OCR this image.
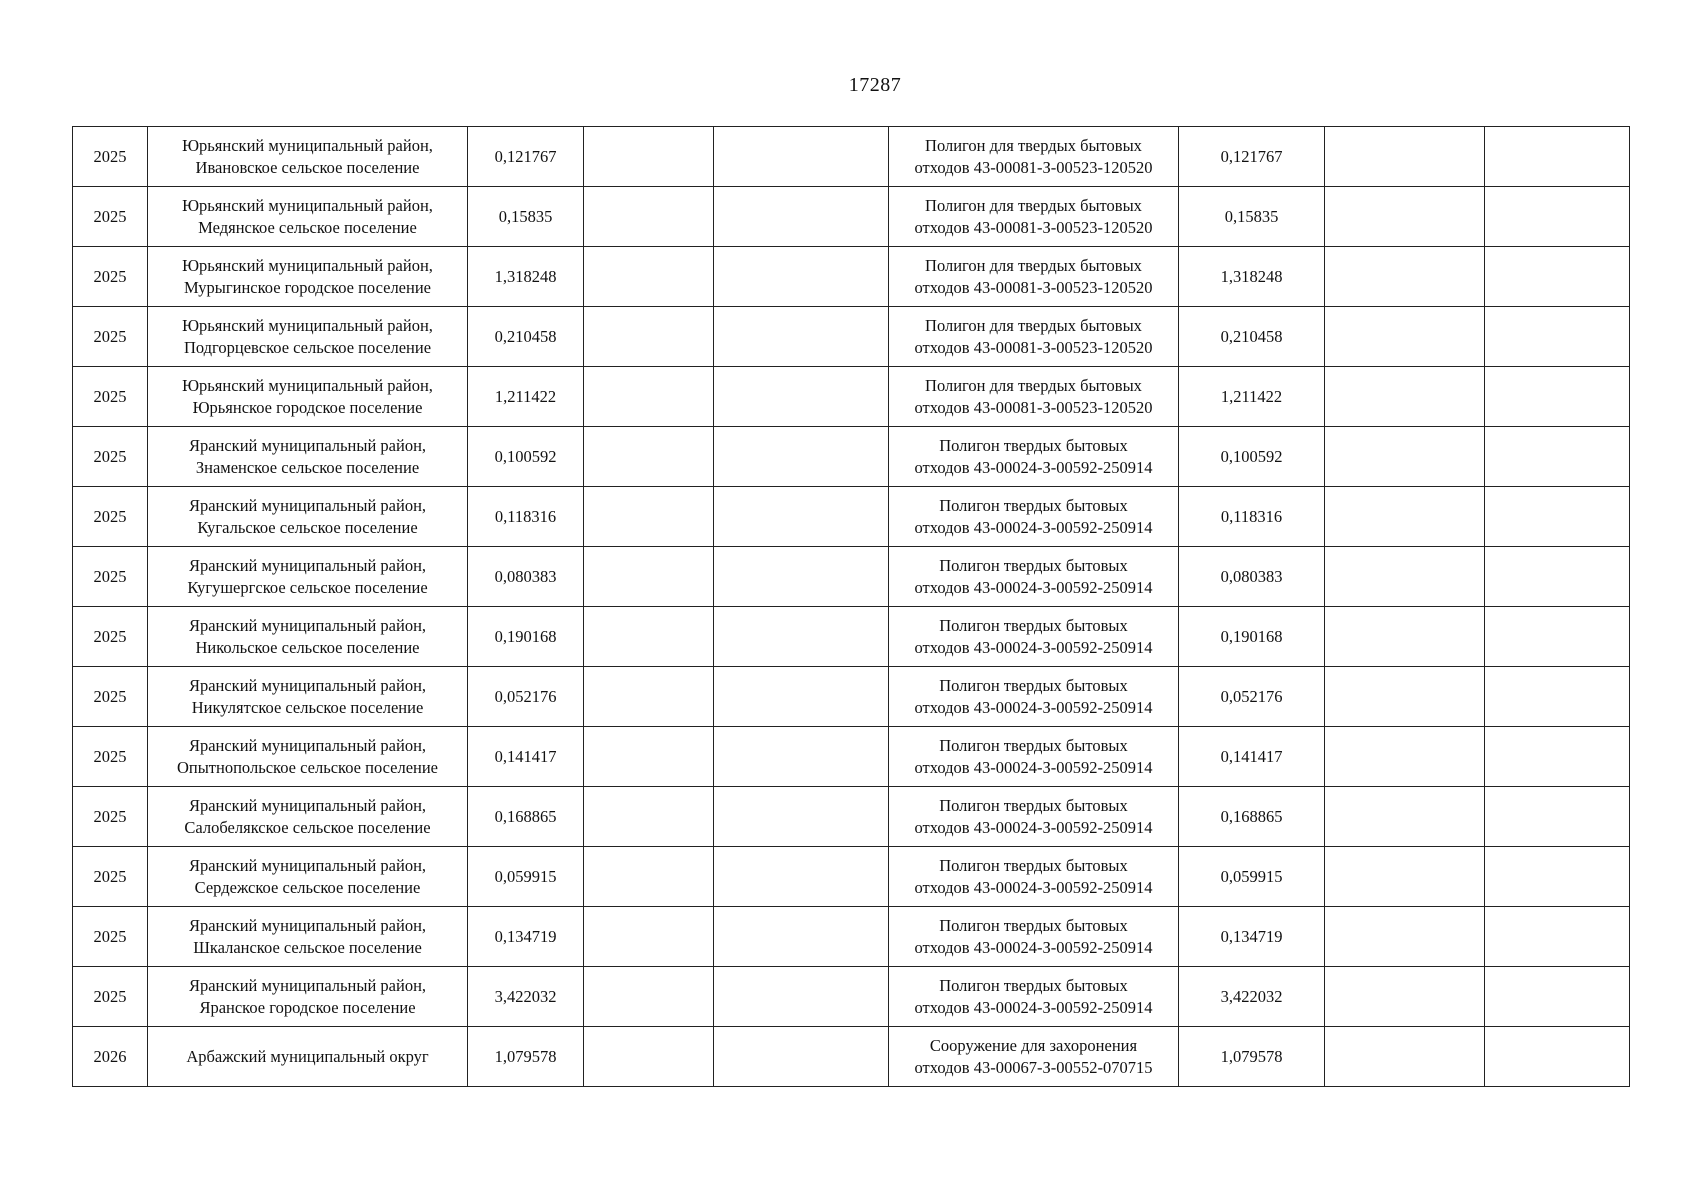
17287
2025	Юрьянский муниципальный район,
Ивановское сельское поселение	0,121767			Полигон для твердых бытовых
отходов 43-00081-З-00523-120520	0,121767		
2025	Юрьянский муниципальный район,
Медянское сельское поселение	0,15835			Полигон для твердых бытовых
отходов 43-00081-З-00523-120520	0,15835		
2025	Юрьянский муниципальный район,
Мурыгинское городское поселение	1,318248			Полигон для твердых бытовых
отходов 43-00081-З-00523-120520	1,318248		
2025	Юрьянский муниципальный район,
Подгорцевское сельское поселение	0,210458			Полигон для твердых бытовых
отходов 43-00081-З-00523-120520	0,210458		
2025	Юрьянский муниципальный район,
Юрьянское городское поселение	1,211422			Полигон для твердых бытовых
отходов 43-00081-З-00523-120520	1,211422		
2025	Яранский муниципальный район,
Знаменское сельское поселение	0,100592			Полигон твердых бытовых
отходов 43-00024-З-00592-250914	0,100592		
2025	Яранский муниципальный район,
Кугальское сельское поселение	0,118316			Полигон твердых бытовых
отходов 43-00024-З-00592-250914	0,118316		
2025	Яранский муниципальный район,
Кугушергское сельское поселение	0,080383			Полигон твердых бытовых
отходов 43-00024-З-00592-250914	0,080383		
2025	Яранский муниципальный район,
Никольское сельское поселение	0,190168			Полигон твердых бытовых
отходов 43-00024-З-00592-250914	0,190168		
2025	Яранский муниципальный район,
Никулятское сельское поселение	0,052176			Полигон твердых бытовых
отходов 43-00024-З-00592-250914	0,052176		
2025	Яранский муниципальный район,
Опытнопольское сельское поселение	0,141417			Полигон твердых бытовых
отходов 43-00024-З-00592-250914	0,141417		
2025	Яранский муниципальный район,
Салобелякское сельское поселение	0,168865			Полигон твердых бытовых
отходов 43-00024-З-00592-250914	0,168865		
2025	Яранский муниципальный район,
Сердежское сельское поселение	0,059915			Полигон твердых бытовых
отходов 43-00024-З-00592-250914	0,059915		
2025	Яранский муниципальный район,
Шкаланское сельское поселение	0,134719			Полигон твердых бытовых
отходов 43-00024-З-00592-250914	0,134719		
2025	Яранский муниципальный район,
Яранское городское поселение	3,422032			Полигон твердых бытовых
отходов 43-00024-З-00592-250914	3,422032		
2026	Арбажский муниципальный округ	1,079578			Сооружение для захоронения
отходов 43-00067-З-00552-070715	1,079578		
